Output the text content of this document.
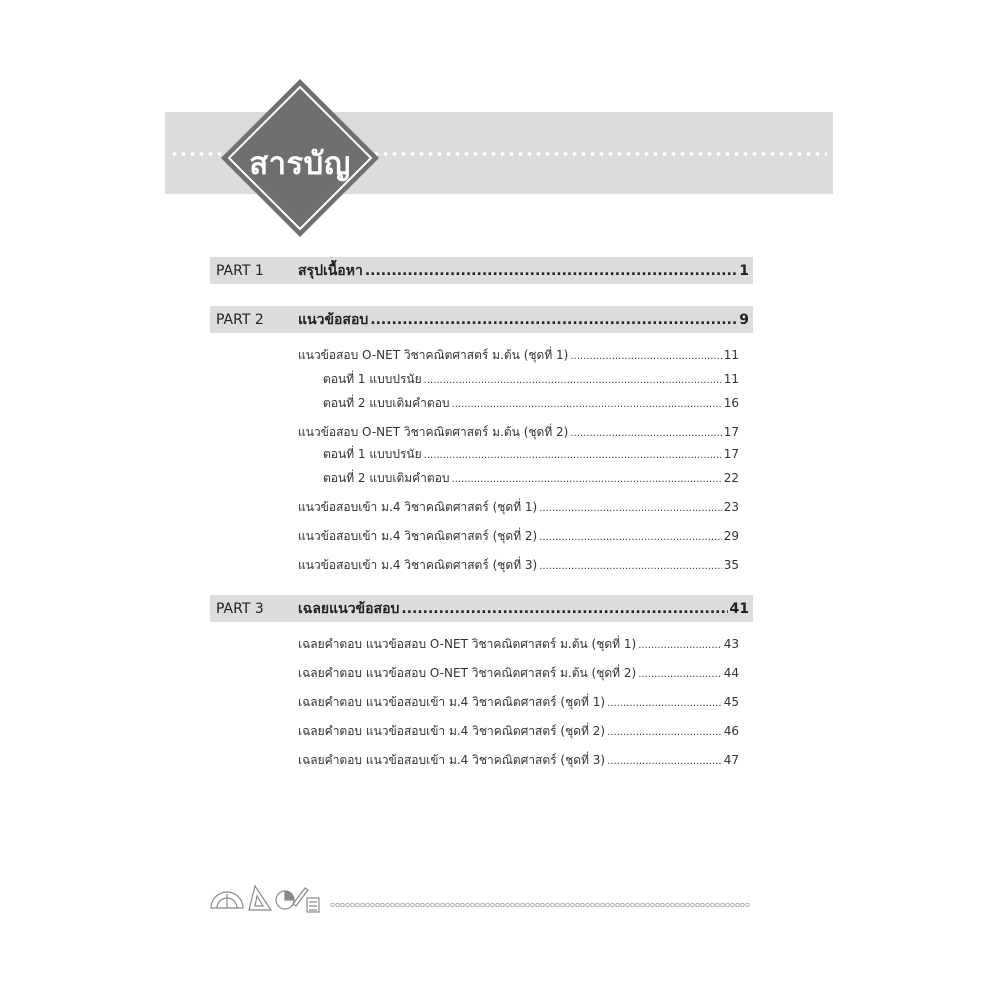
สารบัญ
PART 1	สรุปเนื้อหา .....	1
PART 2	แนวข้อสอบ .....	9
แนวข้อสอบ O-NET วิชาคณิตศาสตร์ ม.ต้น (ชุดที่ 1) .....	11
ตอนที่ 1 แบบปรนัย .....	11
ตอนที่ 2 แบบเติมคำตอบ .....	16
แนวข้อสอบ O-NET วิชาคณิตศาสตร์ ม.ต้น (ชุดที่ 2) .....	17
ตอนที่ 1 แบบปรนัย .....	17
ตอนที่ 2 แบบเติมคำตอบ .....	22
แนวข้อสอบเข้า ม.4 วิชาคณิตศาสตร์ (ชุดที่ 1) .....	23
แนวข้อสอบเข้า ม.4 วิชาคณิตศาสตร์ (ชุดที่ 2) .....	29
แนวข้อสอบเข้า ม.4 วิชาคณิตศาสตร์ (ชุดที่ 3) .....	35
PART 3	เฉลยแนวข้อสอบ .....	41
เฉลยคำตอบ แนวข้อสอบ O-NET วิชาคณิตศาสตร์ ม.ต้น (ชุดที่ 1) .....	43
เฉลยคำตอบ แนวข้อสอบ O-NET วิชาคณิตศาสตร์ ม.ต้น (ชุดที่ 2) .....	44
เฉลยคำตอบ แนวข้อสอบเข้า ม.4 วิชาคณิตศาสตร์ (ชุดที่ 1) .....	45
เฉลยคำตอบ แนวข้อสอบเข้า ม.4 วิชาคณิตศาสตร์ (ชุดที่ 2) .....	46
เฉลยคำตอบ แนวข้อสอบเข้า ม.4 วิชาคณิตศาสตร์ (ชุดที่ 3) .....	47
